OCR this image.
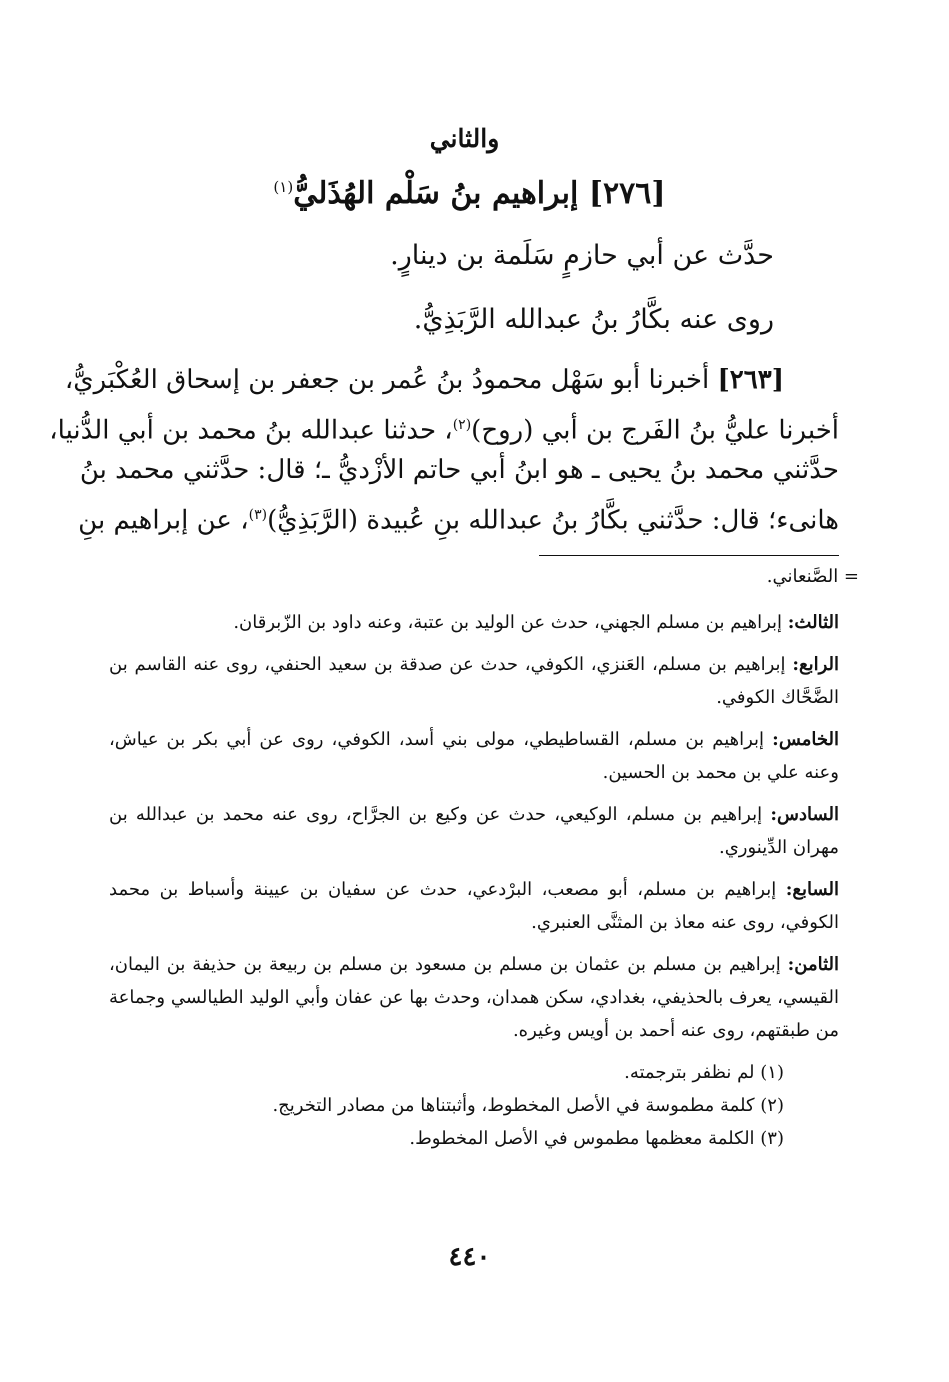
والثاني
[٢٧٦] إبراهيم بنُ سَلْم الهُذَليُّ$^{(١)}$
حدَّث عن أبي حازمٍ سَلَمة بن دينارٍ.
روى عنه بكَّارُ بنُ عبدالله الرَّبَذِيُّ.
[٢٦٣] أخبرنا أبو سَهْل محمودُ بنُ عُمر بن جعفر بن إسحاق العُكْبَريُّ،
أخبرنا عليُّ بنُ الفَرج بن أبي (روح)$^{(٢)}$، حدثنا عبدالله بنُ محمد بن أبي الدُّنيا،
حدَّثني محمد بنُ يحيى ـ هو ابنُ أبي حاتم الأزْديُّ ـ؛ قال: حدَّثني محمد بنُ
هانىء؛ قال: حدَّثني بكَّارُ بنُ عبدالله بنِ عُبيدة (الرَّبَذِيُّ)$^{(٣)}$، عن إبراهيم بنِ
= الصَّنعاني.

الثالث: إبراهيم بن مسلم الجهني، حدث عن الوليد بن عتبة، وعنه داود بن الزّبرقان.

الرابع: إبراهيم بن مسلم، العَنزي، الكوفي، حدث عن صدقة بن سعيد الحنفي، روى عنه القاسم بن الضَّحَّاك الكوفي.

الخامس: إبراهيم بن مسلم، القساطيطي، مولى بني أسد، الكوفي، روى عن أبي بكر بن عياش، وعنه علي بن محمد بن الحسين.

السادس: إبراهيم بن مسلم، الوكيعي، حدث عن وكيع بن الجرَّاح، روى عنه محمد بن عبدالله بن مهران الدِّينوري.

السابع: إبراهيم بن مسلم، أبو مصعب، البرْدعي، حدث عن سفيان بن عيينة وأسباط بن محمد الكوفي، روى عنه معاذ بن المثنَّى العنبري.

الثامن: إبراهيم بن مسلم بن عثمان بن مسلم بن مسعود بن مسلم بن ربيعة بن حذيفة بن اليمان، القيسي، يعرف بالحذيفي، بغدادي، سكن همدان، وحدث بها عن عفان وأبي الوليد الطيالسي وجماعة من طبقتهم، روى عنه أحمد بن أويس وغيره.

(١) لم نظفر بترجمته.

(٢) كلمة مطموسة في الأصل المخطوط، وأثبتناها من مصادر التخريج.

(٣) الكلمة معظمها مطموس في الأصل المخطوط.

٤٤٠
